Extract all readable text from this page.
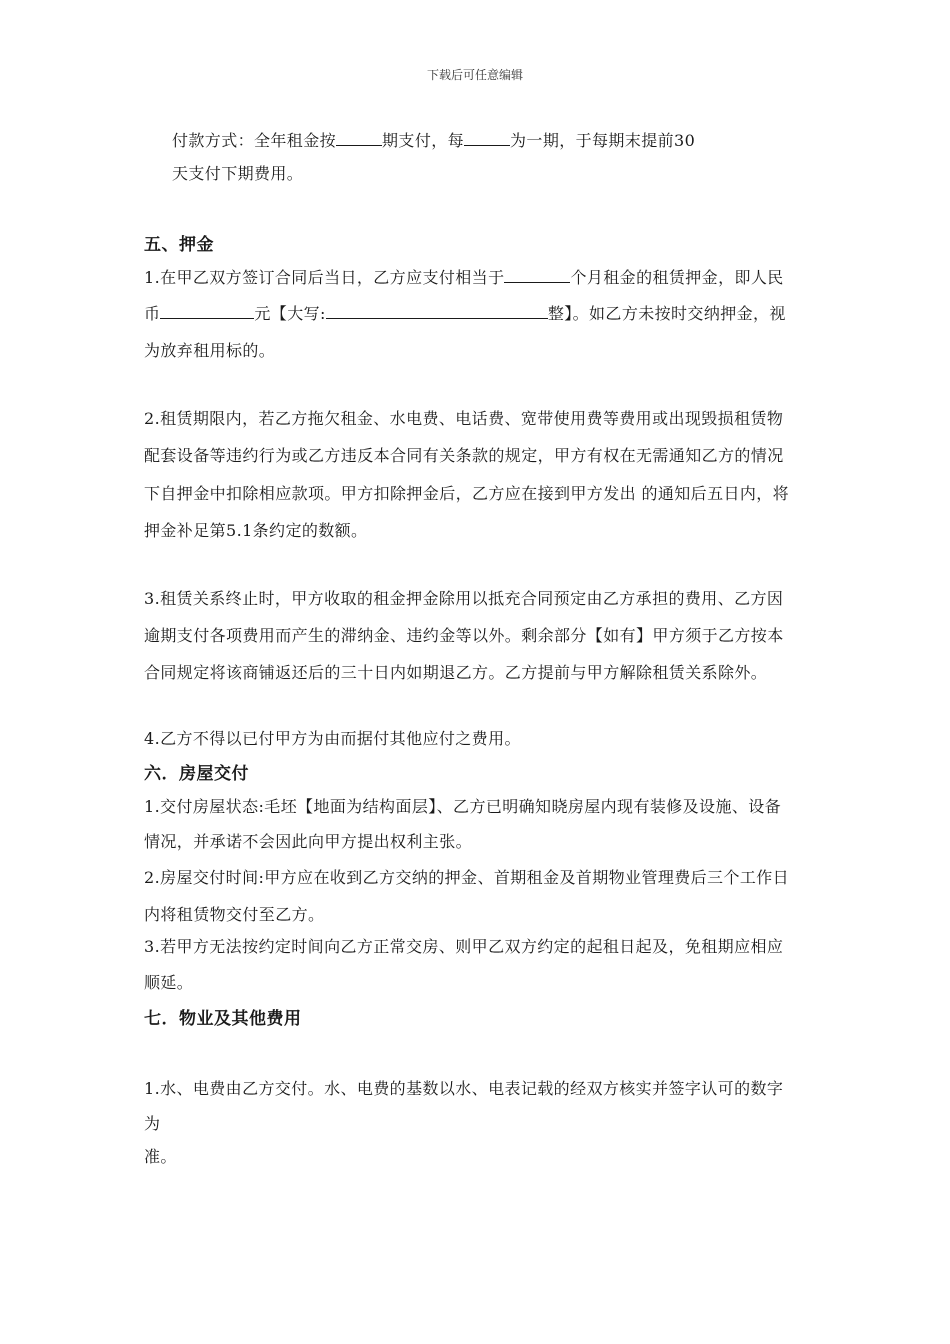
下载后可任意编辑
付款方式：全年租金按	期支付，每	为一期，于每期末提前30
天支付下期费用。
五、押金
1.在甲乙双方签订合同后当日，乙方应支付相当于	个月租金的租赁押金，即人民
币	元【大写:	整】。如乙方未按时交纳押金，视
为放弃租用标的。
2.租赁期限内，若乙方拖欠租金、水电费、电话费、宽带使用费等费用或出现毁损租赁物
配套设备等违约行为或乙方违反本合同有关条款的规定，甲方有权在无需通知乙方的情况
下自押金中扣除相应款项。甲方扣除押金后，乙方应在接到甲方发出 的通知后五日内，将
押金补足第5.1条约定的数额。
3.租赁关系终止时，甲方收取的租金押金除用以抵充合同预定由乙方承担的费用、乙方因
逾期支付各项费用而产生的滞纳金、违约金等以外。剩余部分【如有】甲方须于乙方按本
合同规定将该商铺返还后的三十日内如期退乙方。乙方提前与甲方解除租赁关系除外。
4.乙方不得以已付甲方为由而据付其他应付之费用。
六．房屋交付
1.交付房屋状态:毛坯【地面为结构面层】、乙方已明确知晓房屋内现有装修及设施、设备
情况，并承诺不会因此向甲方提出权利主张。
2.房屋交付时间:甲方应在收到乙方交纳的押金、首期租金及首期物业管理费后三个工作日
内将租赁物交付至乙方。
3.若甲方无法按约定时间向乙方正常交房、则甲乙双方约定的起租日起及，免租期应相应
顺延。
七．物业及其他费用
1.水、电费由乙方交付。水、电费的基数以水、电表记载的经双方核实并签字认可的数字
为
准。
